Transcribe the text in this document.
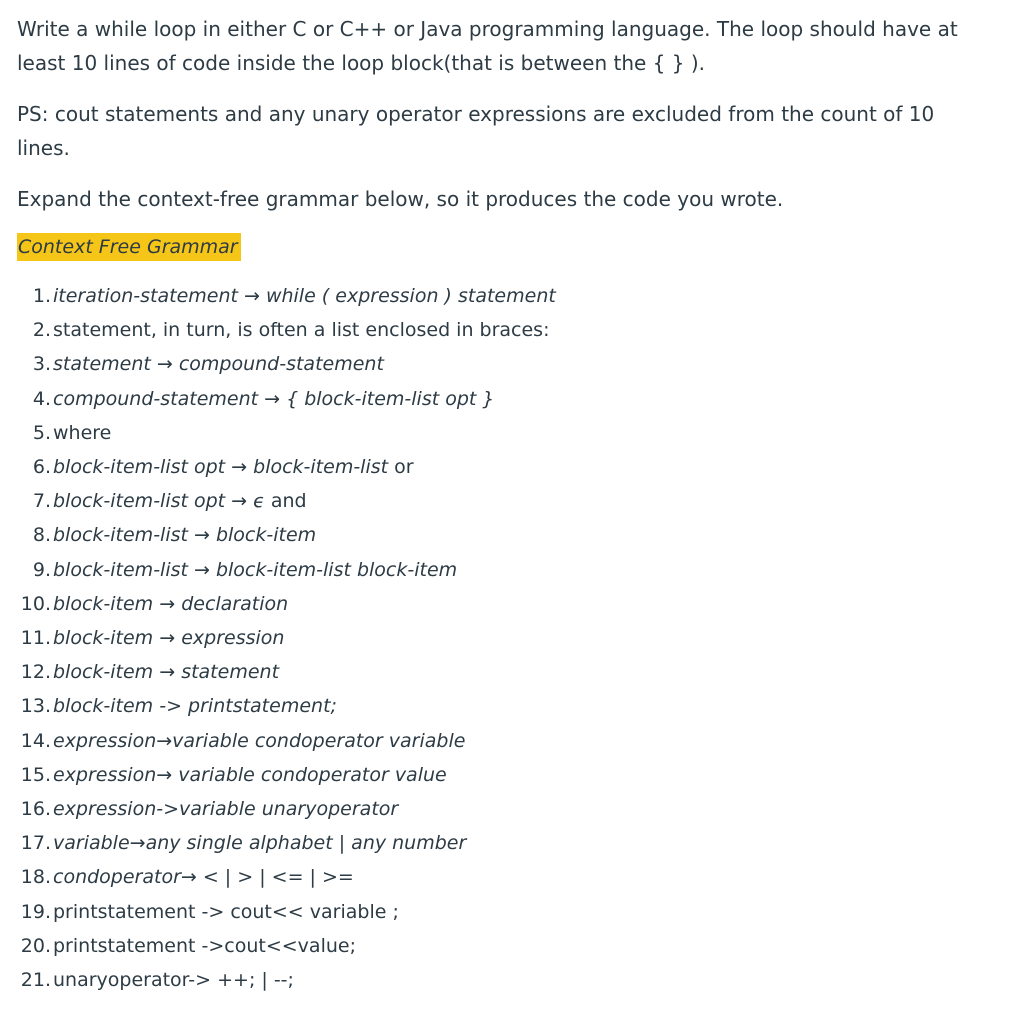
Write a while loop in either C or C++ or Java programming language. The loop should have at least 10 lines of code inside the loop block(that is between the { } ).

PS: cout statements and any unary operator expressions are excluded from the count of 10 lines.

Expand the context-free grammar below, so it produces the code you wrote.

Context Free Grammar
1. iteration-statement → while ( expression ) statement
2. statement, in turn, is often a list enclosed in braces:
3. statement → compound-statement
4. compound-statement → { block-item-list opt }
5. where
6. block-item-list opt → block-item-list or
7. block-item-list opt → ϵ and
8. block-item-list → block-item
9. block-item-list → block-item-list block-item
10. block-item → declaration
11. block-item → expression
12. block-item → statement
13. block-item -> printstatement;
14. expression→variable condoperator variable
15. expression→ variable condoperator value
16. expression->variable unaryoperator
17. variable→any single alphabet | any number
18. condoperator→ < | > | <= | >=
19. printstatement -> cout<< variable ;
20. printstatement ->cout<<value;
21. unaryoperator-> ++; | --;
